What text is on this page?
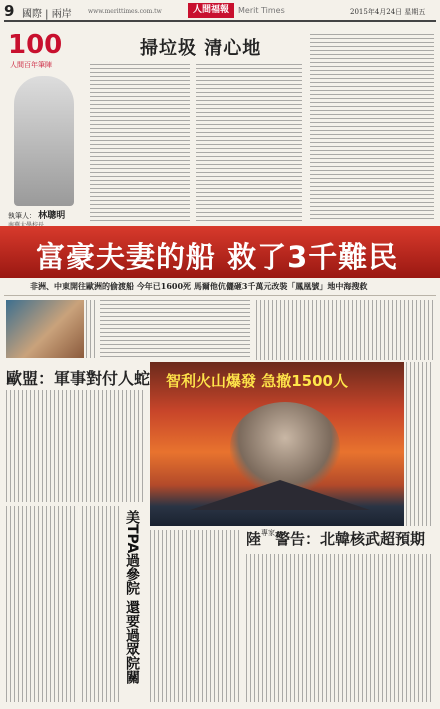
9 國際 | 兩岸	www.merittimes.com.tw	人間福報	Merit Times	2015年4月24日 星期五
100
人間百年筆陣
執筆人： 林聰明
掃垃圾 清心地
富豪夫妻的船 救了3千難民
非洲、中東開往歐洲的偷渡船 今年已1600死 馬爾他伉儷砸3千萬元改裝「鳳凰號」地中海搜救
歐盟：軍事對付人蛇 智利火山爆發 急撤1500人
美TPA過參院 還要過眾院關	陸$^{專家}$警告：北韓核武超預期
